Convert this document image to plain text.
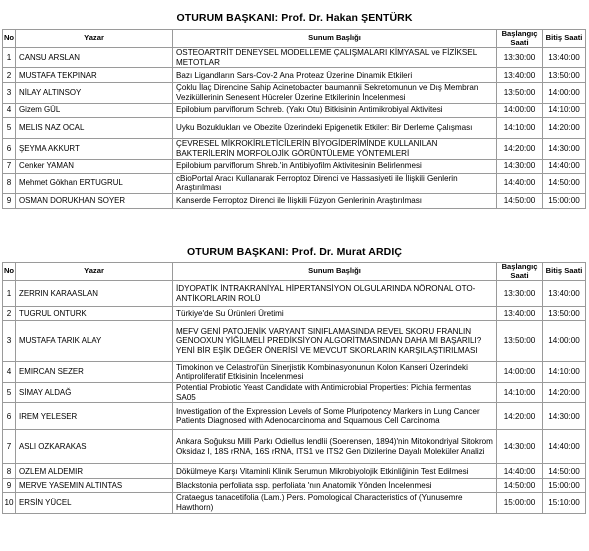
OTURUM BAŞKANI: Prof. Dr. Hakan ŞENTÜRK
No	Yazar	Sunum Başlığı	Başlangıç Saati	Bitiş Saati
1	CANSU ARSLAN	OSTEOARTRİT DENEYSEL MODELLEME ÇALIŞMALARI KİMYASAL ve FİZİKSEL METOTLAR	13:30:00	13:40:00
2	MUSTAFA TEKPINAR	Bazı Ligandların Sars-Cov-2 Ana Proteaz Üzerine Dinamik Etkileri	13:40:00	13:50:00
3	NİLAY ALTINSOY	Çoklu İlaç Direncine Sahip Acinetobacter baumannii Sekretomunun ve Dış Membran Veziküllerinin Senesent Hücreler Üzerine Etkilerinin İncelenmesi	13:50:00	14:00:00
4	Gizem GÜL	Epilobium parviflorum Schreb. (Yakı Otu) Bitkisinin Antimikrobiyal Aktivitesi	14:00:00	14:10:00
5	MELIS NAZ OCAL	Uyku Bozuklukları ve Obezite Üzerindeki Epigenetik Etkiler: Bir Derleme Çalışması	14:10:00	14:20:00
6	ŞEYMA AKKURT	ÇEVRESEL MİKROKİRLETİCİLERİN BİYOGİDERİMİNDE KULLANILAN BAKTERİLERİN MORFOLOJİK GÖRÜNTÜLEME YÖNTEMLERİ	14:20:00	14:30:00
7	Cenker YAMAN	Epilobium parviflorum Shreb.'in Antibiyofilm Aktivitesinin Belirlenmesi	14:30:00	14:40:00
8	Mehmet Gökhan ERTUGRUL	cBioPortal Aracı Kullanarak Ferroptoz Direnci ve Hassasiyeti ile İlişkili Genlerin Araştırılması	14:40:00	14:50:00
9	OSMAN DORUKHAN SOYER	Kanserde Ferroptoz Direnci ile İlişkili Füzyon Genlerinin Araştırılması	14:50:00	15:00:00
OTURUM BAŞKANI: Prof. Dr. Murat ARDIÇ
No	Yazar	Sunum Başlığı	Başlangıç Saati	Bitiş Saati
1	ZERRIN KARAASLAN	İDYOPATİK İNTRAKRANİYAL HİPERTANSİYON OLGULARINDA NÖRONAL OTO-ANTİKORLARIN ROLÜ	13:30:00	13:40:00
2	TUGRUL ONTURK	Türkiye'de Su Ürünleri Üretimi	13:40:00	13:50:00
3	MUSTAFA TARIK ALAY	MEFV GENİ PATOJENİK VARYANT SINIFLAMASINDA REVEL SKORU FRANLIN GENOOXUN YİĞİLMELİ PREDİKSİYON ALGORİTMASINDAN DAHA MI BAŞARILI? YENİ BİR EŞİK DEĞER ÖNERİSİ VE MEVCUT SKORLARIN KARŞILAŞTIRILMASI	13:50:00	14:00:00
4	EMIRCAN SEZER	Timokinon ve Celastrol'ün Sinerjistik Kombinasyonunun Kolon Kanseri Üzerindeki Antiproliferatif Etkisinin İncelenmesi	14:00:00	14:10:00
5	SİMAY ALDAĞ	Potential Probiotic Yeast Candidate with Antimicrobial Properties: Pichia fermentas SA05	14:10:00	14:20:00
6	IREM YELESER	Investigation of the Expression Levels of Some Pluripotency Markers in Lung Cancer Patients Diagnosed with Adenocarcinoma and Squamous Cell Carcinoma	14:20:00	14:30:00
7	ASLI OZKARAKAS	Ankara Soğuksu Milli Parkı Odiellus lendlii (Soerensen, 1894)'nin Mitokondriyal Sitokrom Oksidaz I, 18S rRNA, 16S rRNA, ITS1 ve ITS2 Gen Dizilerine Dayalı Moleküler Analizi	14:30:00	14:40:00
8	OZLEM ALDEMIR	Dökülmeye Karşı Vitaminli Klinik Serumun Mikrobiyolojik Etkinliğinin Test Edilmesi	14:40:00	14:50:00
9	MERVE YASEMIN ALTINTAS	Blackstonia perfoliata ssp. perfoliata 'nın Anatomik Yönden İncelenmesi	14:50:00	15:00:00
10	ERSİN YÜCEL	Crataegus tanacetifolia (Lam.) Pers. Pomological Characteristics of (Yunusemre Hawthorn)	15:00:00	15:10:00
